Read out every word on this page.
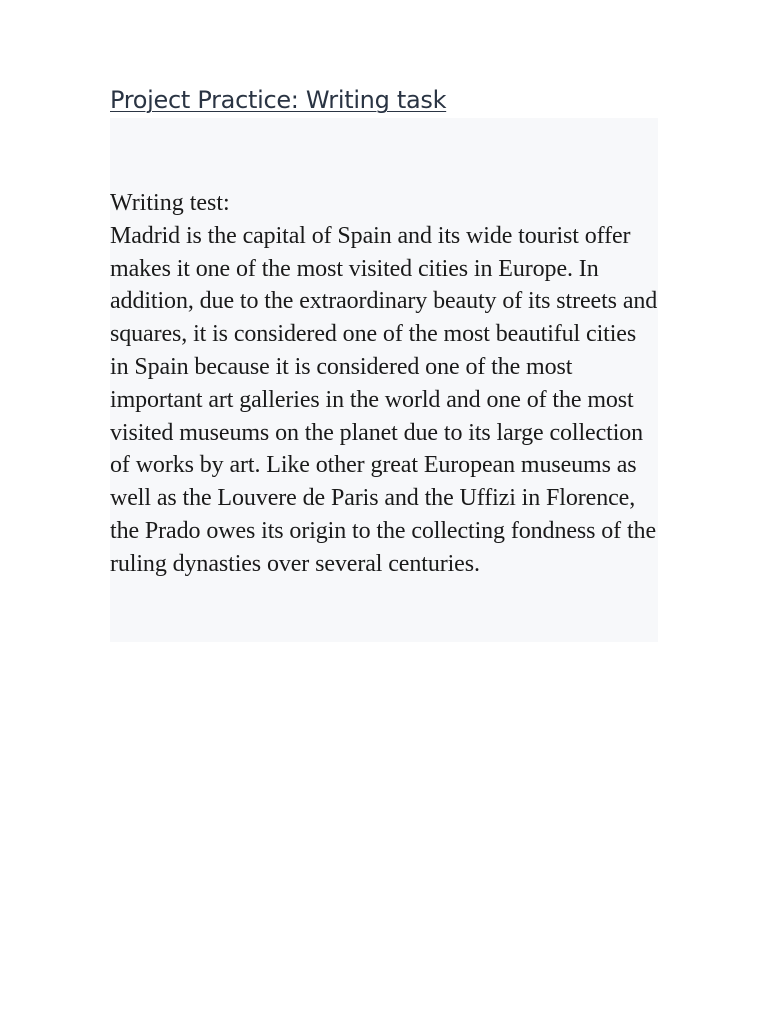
Project Practice: Writing task

Writing test:

Madrid is the capital of Spain and its wide tourist offer makes it one of the most visited cities in Europe. In addition, due to the extraordinary beauty of its streets and squares, it is considered one of the most beautiful cities in Spain because it is considered one of the most important art galleries in the world and one of the most visited museums on the planet due to its large collection of works by art. Like other great European museums as well as the Louvere de Paris and the Uffizi in Florence, the Prado owes its origin to the collecting fondness of the ruling dynasties over several centuries.
